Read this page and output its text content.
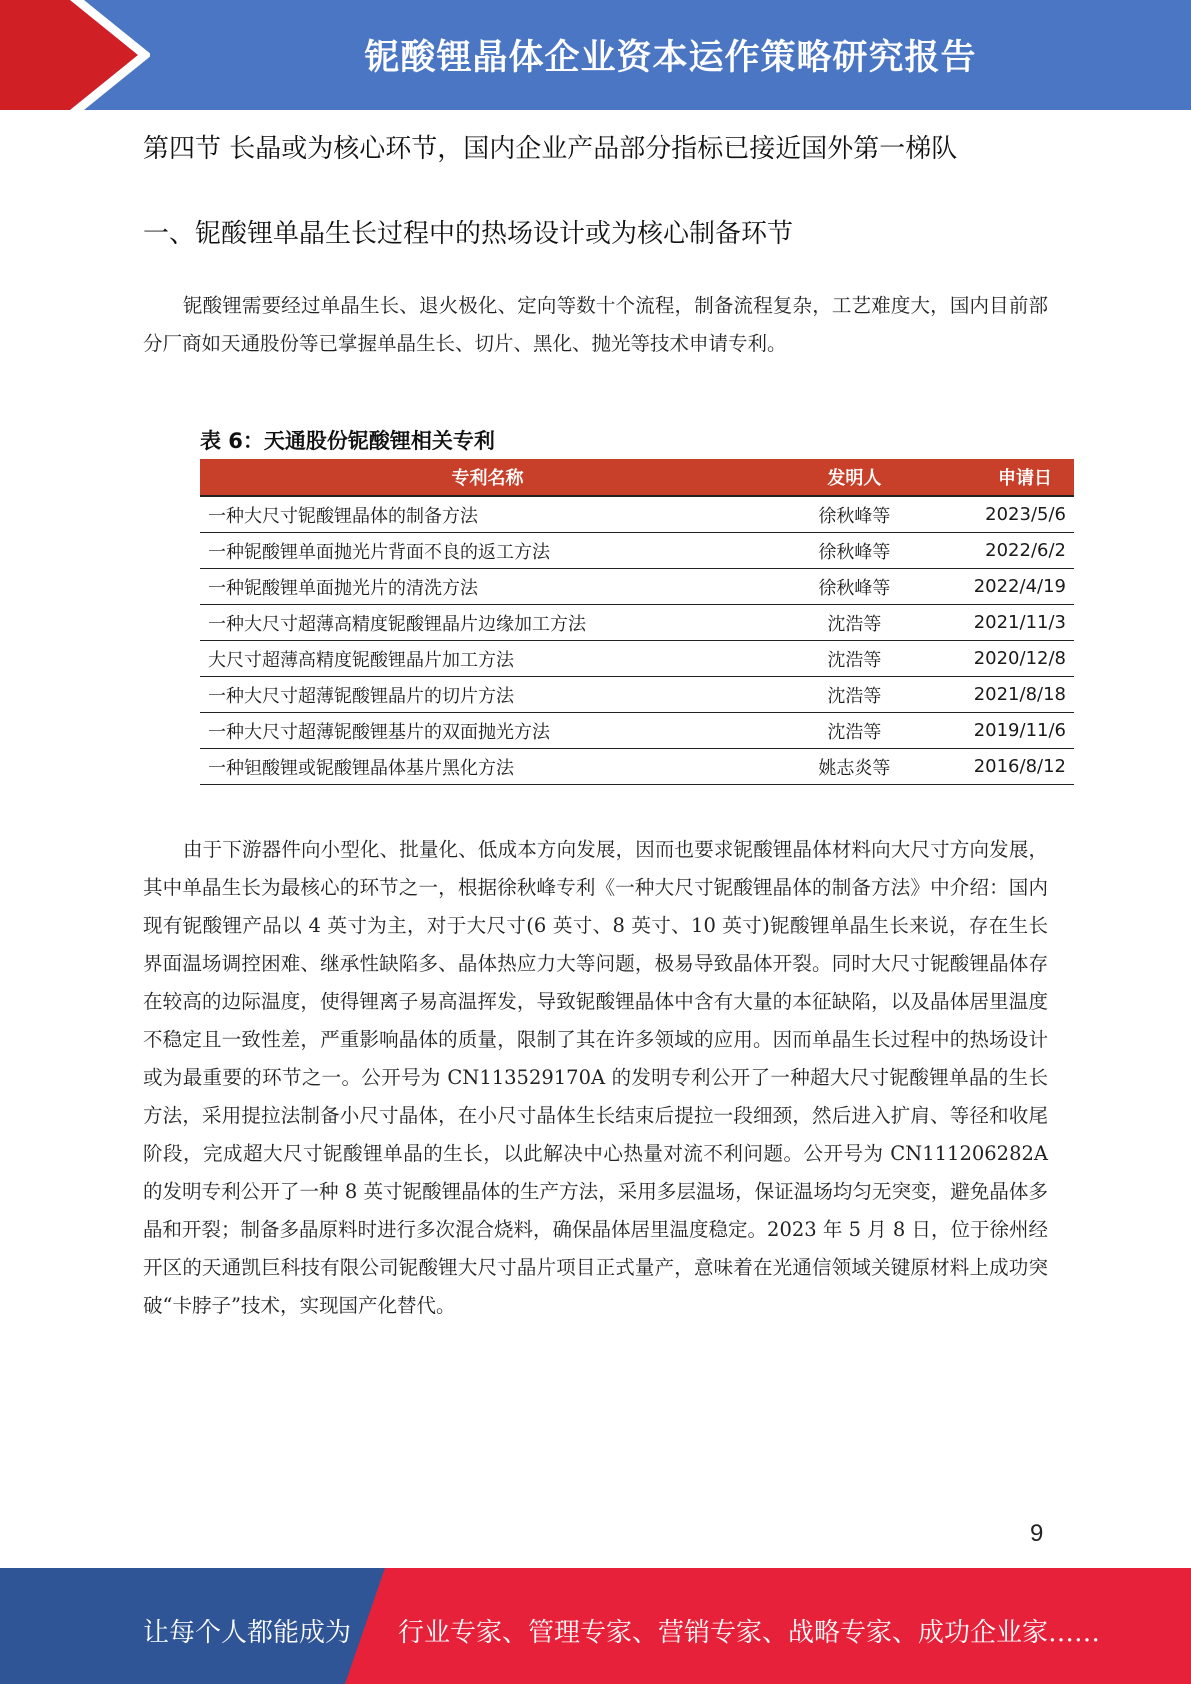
铌酸锂晶体企业资本运作策略研究报告
第四节 长晶或为核心环节，国内企业产品部分指标已接近国外第一梯队
一、铌酸锂单晶生长过程中的热场设计或为核心制备环节

铌酸锂需要经过单晶生长、退火极化、定向等数十个流程，制备流程复杂，工艺难度大，国内目前部分厂商如天通股份等已掌握单晶生长、切片、黑化、抛光等技术申请专利。

表 6：天通股份铌酸锂相关专利
专利名称	发明人	申请日
一种大尺寸铌酸锂晶体的制备方法	徐秋峰等	2023/5/6
一种铌酸锂单面抛光片背面不良的返工方法	徐秋峰等	2022/6/2
一种铌酸锂单面抛光片的清洗方法	徐秋峰等	2022/4/19
一种大尺寸超薄高精度铌酸锂晶片边缘加工方法	沈浩等	2021/11/3
大尺寸超薄高精度铌酸锂晶片加工方法	沈浩等	2020/12/8
一种大尺寸超薄铌酸锂晶片的切片方法	沈浩等	2021/8/18
一种大尺寸超薄铌酸锂基片的双面抛光方法	沈浩等	2019/11/6
一种钽酸锂或铌酸锂晶体基片黑化方法	姚志炎等	2016/8/12

由于下游器件向小型化、批量化、低成本方向发展，因而也要求铌酸锂晶体材料向大尺寸方向发展，其中单晶生长为最核心的环节之一，根据徐秋峰专利《一种大尺寸铌酸锂晶体的制备方法》中介绍：国内现有铌酸锂产品以 4 英寸为主，对于大尺寸(6 英寸、8 英寸、10 英寸)铌酸锂单晶生长来说，存在生长界面温场调控困难、继承性缺陷多、晶体热应力大等问题，极易导致晶体开裂。同时大尺寸铌酸锂晶体存在较高的边际温度，使得锂离子易高温挥发，导致铌酸锂晶体中含有大量的本征缺陷，以及晶体居里温度不稳定且一致性差，严重影响晶体的质量，限制了其在许多领域的应用。因而单晶生长过程中的热场设计或为最重要的环节之一。公开号为 CN113529170A 的发明专利公开了一种超大尺寸铌酸锂单晶的生长方法，采用提拉法制备小尺寸晶体，在小尺寸晶体生长结束后提拉一段细颈，然后进入扩肩、等径和收尾阶段，完成超大尺寸铌酸锂单晶的生长，以此解决中心热量对流不利问题。公开号为 CN111206282A 的发明专利公开了一种 8 英寸铌酸锂晶体的生产方法，采用多层温场，保证温场均匀无突变，避免晶体多晶和开裂；制备多晶原料时进行多次混合烧料，确保晶体居里温度稳定。2023 年 5 月 8 日，位于徐州经开区的天通凯巨科技有限公司铌酸锂大尺寸晶片项目正式量产，意味着在光通信领域关键原材料上成功突破“卡脖子”技术，实现国产化替代。

9
让每个人都能成为 行业专家、管理专家、营销专家、战略专家、成功企业家……
